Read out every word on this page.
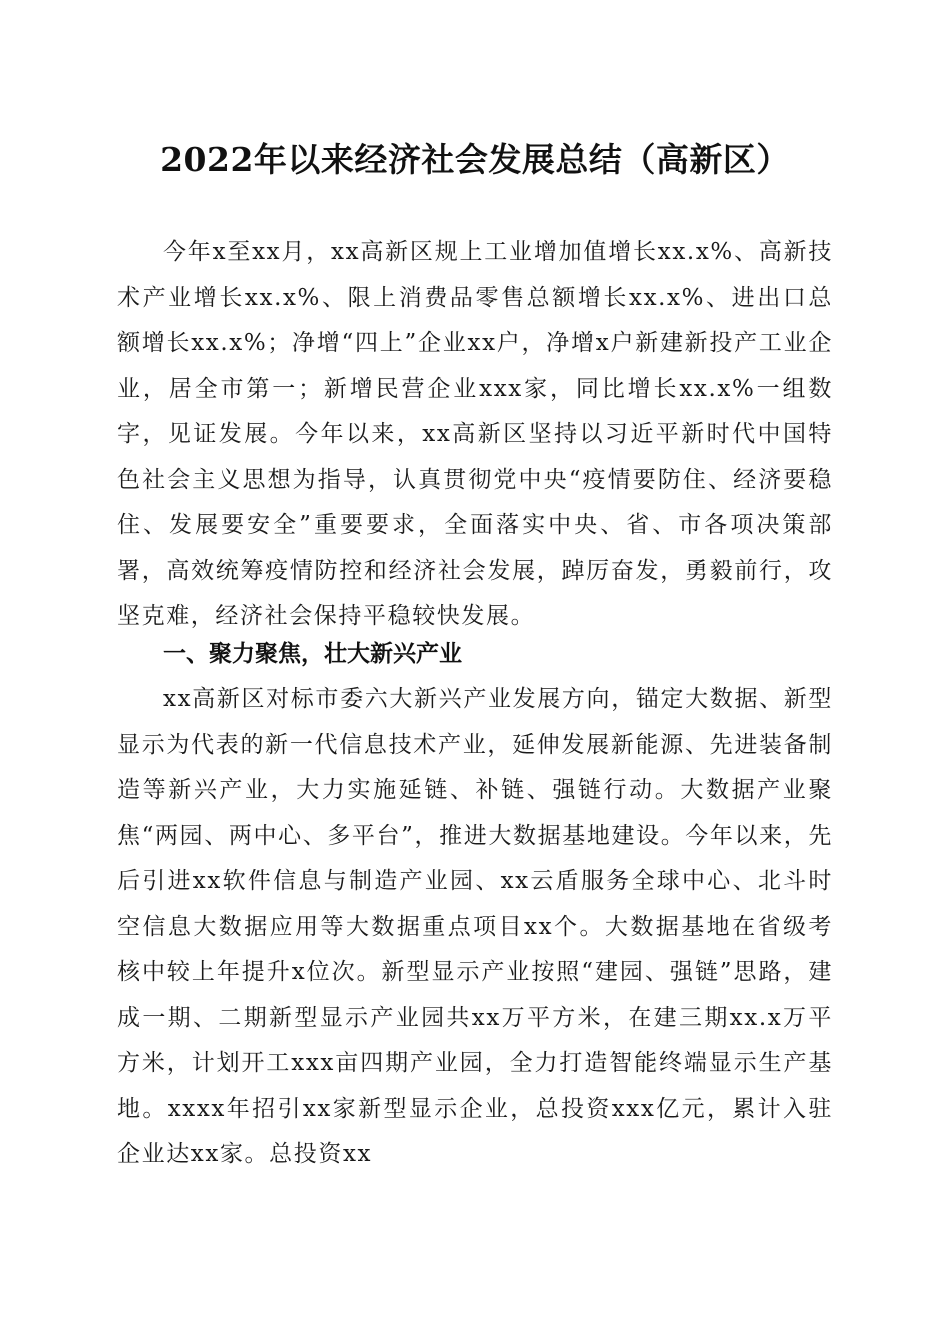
2022年以来经济社会发展总结（高新区）

今年x至xx月，xx高新区规上工业增加值增长xx.x%、高新技术产业增长xx.x%、限上消费品零售总额增长xx.x%、进出口总额增长xx.x%；净增“四上”企业xx户，净增x户新建新投产工业企业，居全市第一；新增民营企业xxx家，同比增长xx.x%一组数字，见证发展。今年以来，xx高新区坚持以习近平新时代中国特色社会主义思想为指导，认真贯彻党中央“疫情要防住、经济要稳住、发展要安全”重要要求，全面落实中央、省、市各项决策部署，高效统筹疫情防控和经济社会发展，踔厉奋发，勇毅前行，攻坚克难，经济社会保持平稳较快发展。

一、聚力聚焦，壮大新兴产业

xx高新区对标市委六大新兴产业发展方向，锚定大数据、新型显示为代表的新一代信息技术产业，延伸发展新能源、先进装备制造等新兴产业，大力实施延链、补链、强链行动。大数据产业聚焦“两园、两中心、多平台”，推进大数据基地建设。今年以来，先后引进xx软件信息与制造产业园、xx云盾服务全球中心、北斗时空信息大数据应用等大数据重点项目xx个。大数据基地在省级考核中较上年提升x位次。新型显示产业按照“建园、强链”思路，建成一期、二期新型显示产业园共xx万平方米，在建三期xx.x万平方米，计划开工xxx亩四期产业园，全力打造智能终端显示生产基地。xxxx年招引xx家新型显示企业，总投资xxx亿元，累计入驻企业达xx家。总投资xx
